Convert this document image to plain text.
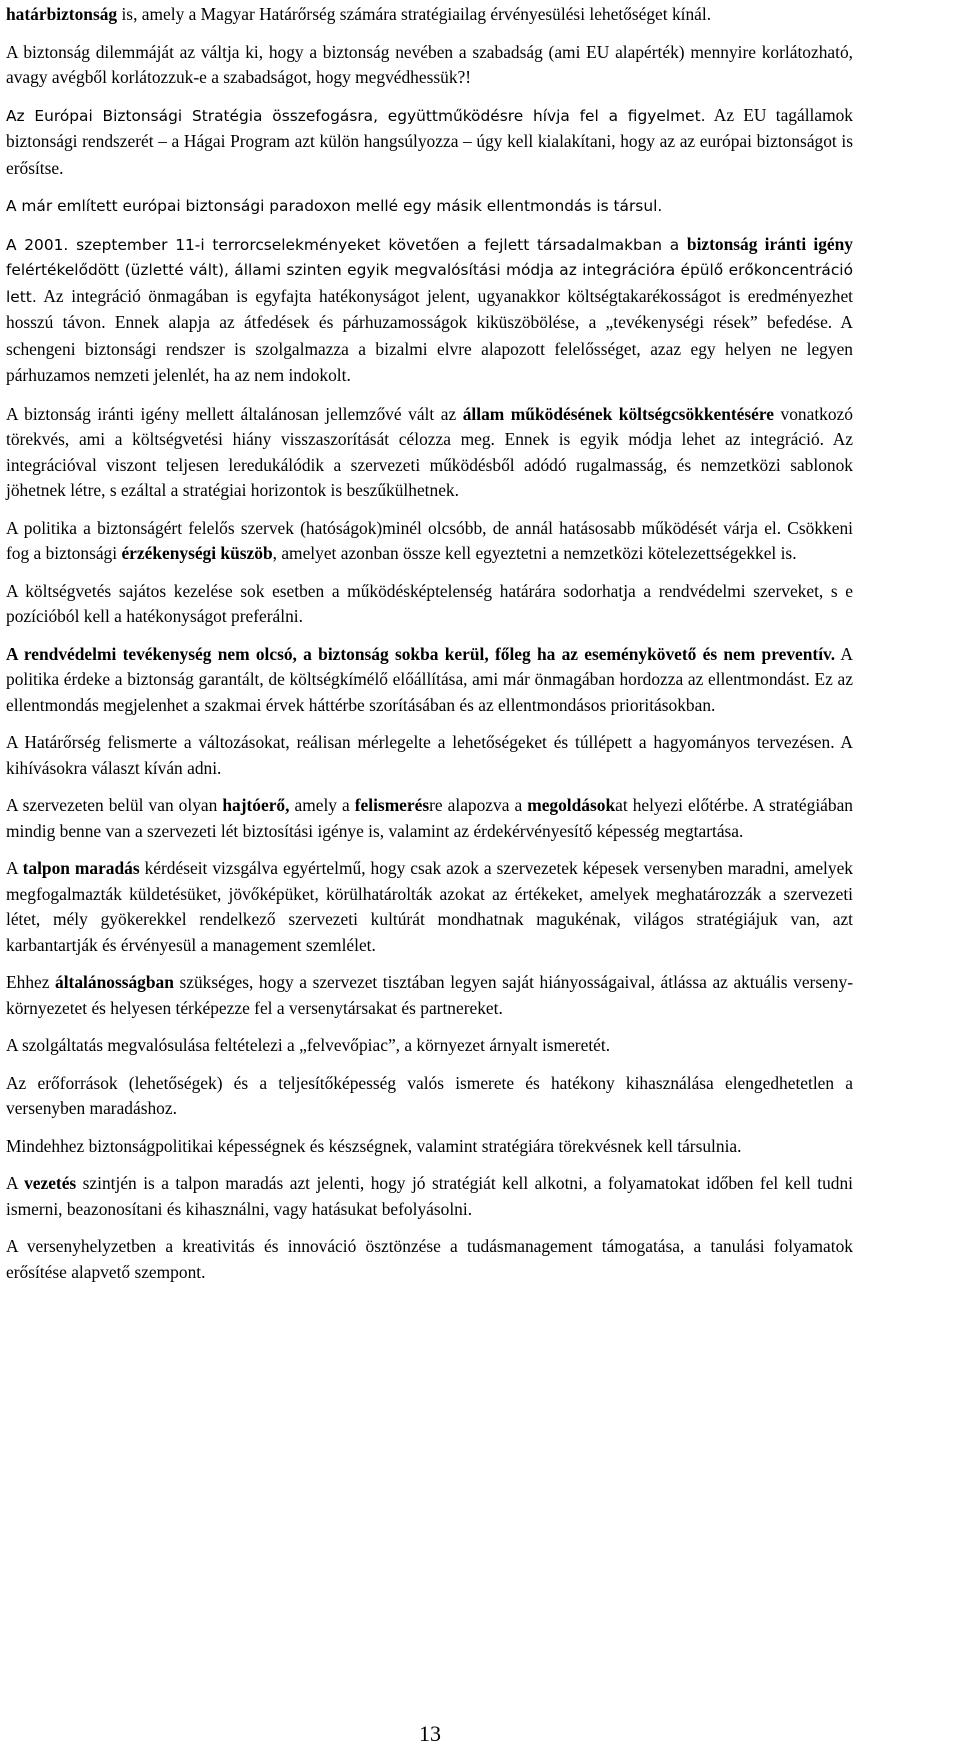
határbiztonság is, amely a Magyar Határőrség számára stratégiailag érvényesülési lehetőséget kínál.

A biztonság dilemmáját az váltja ki, hogy a biztonság nevében a szabadság (ami EU alapérték) mennyire korlátozható, avagy avégből korlátozzuk-e a szabadságot, hogy megvédhessük?!

Az Európai Biztonsági Stratégia összefogásra, együttműködésre hívja fel a figyelmet. Az EU tagállamok biztonsági rendszerét – a Hágai Program azt külön hangsúlyozza – úgy kell kialakítani, hogy az az európai biztonságot is erősítse.

A már említett európai biztonsági paradoxon mellé egy másik ellentmondás is társul.

A 2001. szeptember 11-i terrorcselekményeket követően a fejlett társadalmakban a biztonság iránti igény felértékelődött (üzletté vált), állami szinten egyik megvalósítási módja az integrációra épülő erőkoncentráció lett. Az integráció önmagában is egyfajta hatékonyságot jelent, ugyanakkor költségtakarékosságot is eredményezhet hosszú távon. Ennek alapja az átfedések és párhuzamosságok kiküszöbölése, a „tevékenységi rések” befedése. A schengeni biztonsági rendszer is szolgalmazza a bizalmi elvre alapozott felelősséget, azaz egy helyen ne legyen párhuzamos nemzeti jelenlét, ha az nem indokolt.

A biztonság iránti igény mellett általánosan jellemzővé vált az állam működésének költségcsökkentésére vonatkozó törekvés, ami a költségvetési hiány visszaszorítását célozza meg. Ennek is egyik módja lehet az integráció. Az integrációval viszont teljesen leredukálódik a szervezeti működésből adódó rugalmasság, és nemzetközi sablonok jöhetnek létre, s ezáltal a stratégiai horizontok is beszűkülhetnek.

A politika a biztonságért felelős szervek (hatóságok)minél olcsóbb, de annál hatásosabb működését várja el. Csökkeni fog a biztonsági érzékenységi küszöb, amelyet azonban össze kell egyeztetni a nemzetközi kötelezettségekkel is.

A költségvetés sajátos kezelése sok esetben a működésképtelenség határára sodorhatja a rendvédelmi szerveket, s e pozícióból kell a hatékonyságot preferálni.

A rendvédelmi tevékenység nem olcsó, a biztonság sokba kerül, főleg ha az eseménykövető és nem preventív. A politika érdeke a biztonság garantált, de költségkímélő előállítása, ami már önmagában hordozza az ellentmondást. Ez az ellentmondás megjelenhet a szakmai érvek háttérbe szorításában és az ellentmondásos prioritásokban.

A Határőrség felismerte a változásokat, reálisan mérlegelte a lehetőségeket és túllépett a hagyományos tervezésen. A kihívásokra választ kíván adni.

A szervezeten belül van olyan hajtóerő, amely a felismerésre alapozva a megoldásokat helyezi előtérbe. A stratégiában mindig benne van a szervezeti lét biztosítási igénye is, valamint az érdekérvényesítő képesség megtartása.

A talpon maradás kérdéseit vizsgálva egyértelmű, hogy csak azok a szervezetek képesek versenyben maradni, amelyek megfogalmazták küldetésüket, jövőképüket, körülhatárolták azokat az értékeket, amelyek meghatározzák a szervezeti létet, mély gyökerekkel rendelkező szervezeti kultúrát mondhatnak magukénak, világos stratégiájuk van, azt karbantartják és érvényesül a management szemlélet.

Ehhez általánosságban szükséges, hogy a szervezet tisztában legyen saját hiányosságaival, átlássa az aktuális verseny-környezetet és helyesen térképezze fel a versenytársakat és partnereket.

A szolgáltatás megvalósulása feltételezi a „felvevőpiac”, a környezet árnyalt ismeretét.

Az erőforrások (lehetőségek) és a teljesítőképesség valós ismerete és hatékony kihasználása elengedhetetlen a versenyben maradáshoz.

Mindehhez biztonságpolitikai képességnek és készségnek, valamint stratégiára törekvésnek kell társulnia.

A vezetés szintjén is a talpon maradás azt jelenti, hogy jó stratégiát kell alkotni, a folyamatokat időben fel kell tudni ismerni, beazonosítani és kihasználni, vagy hatásukat befolyásolni.

A versenyhelyzetben a kreativitás és innováció ösztönzése a tudásmanagement támogatása, a tanulási folyamatok erősítése alapvető szempont.

13
